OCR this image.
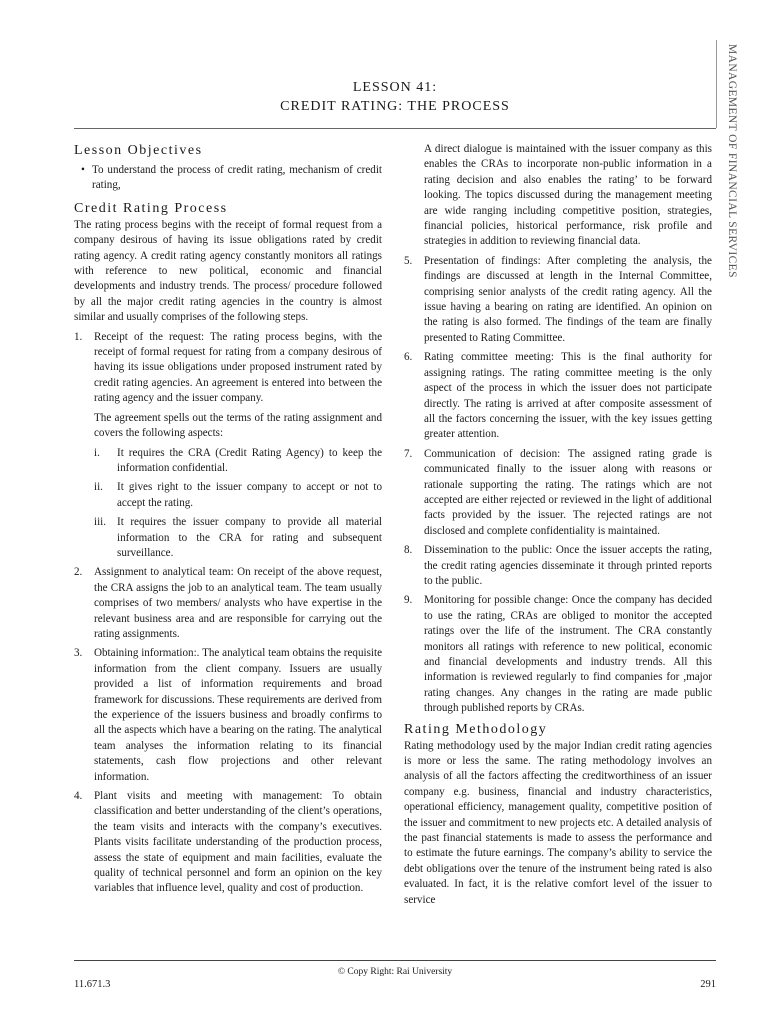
MANAGEMENT OF FINANCIAL SERVICES
LESSON 41:
CREDIT RATING: THE PROCESS
Lesson Objectives
• To understand the process of credit rating, mechanism of credit rating,
Credit Rating Process

The rating process begins with the receipt of formal request from a company desirous of having its issue obligations rated by credit rating agency. A credit rating agency constantly monitors all ratings with reference to new political, economic and financial developments and industry trends. The process/ procedure followed by all the major credit rating agencies in the country is almost similar and usually comprises of the following steps.

1.	Receipt of the request: The rating process begins, with the receipt of formal request for rating from a company desirous of having its issue obligations under proposed instrument rated by credit rating agencies. An agreement is entered into between the rating agency and the issuer company.

The agreement spells out the terms of the rating assignment and covers the following aspects:

i.	It requires the CRA (Credit Rating Agency) to keep the information confidential.
ii.	It gives right to the issuer company to accept or not to accept the rating.
iii. It requires the issuer company to provide all material information to the CRA for rating and subsequent surveillance.
2.	Assignment to analytical team: On receipt of the above request, the CRA assigns the job to an analytical team. The team usually comprises of two members/ analysts who have expertise in the relevant business area and are responsible for carrying out the rating assignments.

3.	Obtaining information:. The analytical team obtains the requisite information from the client company. Issuers are usually provided a list of information requirements and broad framework for discussions. These requirements are derived from the experience of the issuers business and broadly confirms to all the aspects which have a bearing on the rating. The analytical team analyses the information relating to its financial statements, cash flow projections and other relevant information.

4.	Plant visits and meeting with management: To obtain classification and better understanding of the client’s operations, the team visits and interacts with the company’s executives. Plants visits facilitate understanding of the production process, assess the state of equipment and main facilities, evaluate the quality of technical personnel and form an opinion on the key variables that influence level, quality and cost of production.

A direct dialogue is maintained with the issuer company as this enables the CRAs to incorporate non-public information in a rating decision and also enables the rating’ to be forward looking. The topics discussed during the management meeting are wide ranging including competitive position, strategies, financial policies, historical performance, risk profile and strategies in addition to reviewing financial data.

5.	Presentation of findings: After completing the analysis, the findings are discussed at length in the Internal Committee, comprising senior analysts of the credit rating agency. All the issue having a bearing on rating are identified. An opinion on the rating is also formed. The findings of the team are finally presented to Rating Committee.

6.	Rating committee meeting: This is the final authority for assigning ratings. The rating committee meeting is the only aspect of the process in which the issuer does not participate directly. The rating is arrived at after composite assessment of all the factors concerning the issuer, with the key issues getting greater attention.

7.	Communication of decision: The assigned rating grade is communicated finally to the issuer along with reasons or rationale supporting the rating. The ratings which are not accepted are either rejected or reviewed in the light of additional facts provided by the issuer. The rejected ratings are not disclosed and complete confidentiality is maintained.

8.	Dissemination to the public: Once the issuer accepts the rating, the credit rating agencies disseminate it through printed reports to the public.

9.	Monitoring for possible change: Once the company has decided to use the rating, CRAs are obliged to monitor the accepted ratings over the life of the instrument. The CRA constantly monitors all ratings with reference to new political, economic and financial developments and industry trends. All this information is reviewed regularly to find companies for ,major rating changes. Any changes in the rating are made public through published reports by CRAs.

Rating Methodology

Rating methodology used by the major Indian credit rating agencies is more or less the same. The rating methodology involves an analysis of all the factors affecting the creditworthiness of an issuer company e.g. business, financial and industry characteristics, operational efficiency, management quality, competitive position of the issuer and commitment to new projects etc. A detailed analysis of the past financial statements is made to assess the performance and to estimate the future earnings. The company’s ability to service the debt obligations over the tenure of the instrument being rated is also evaluated. In fact, it is the relative comfort level of the issuer to service

© Copy Right: Rai University
11.671.3	291
